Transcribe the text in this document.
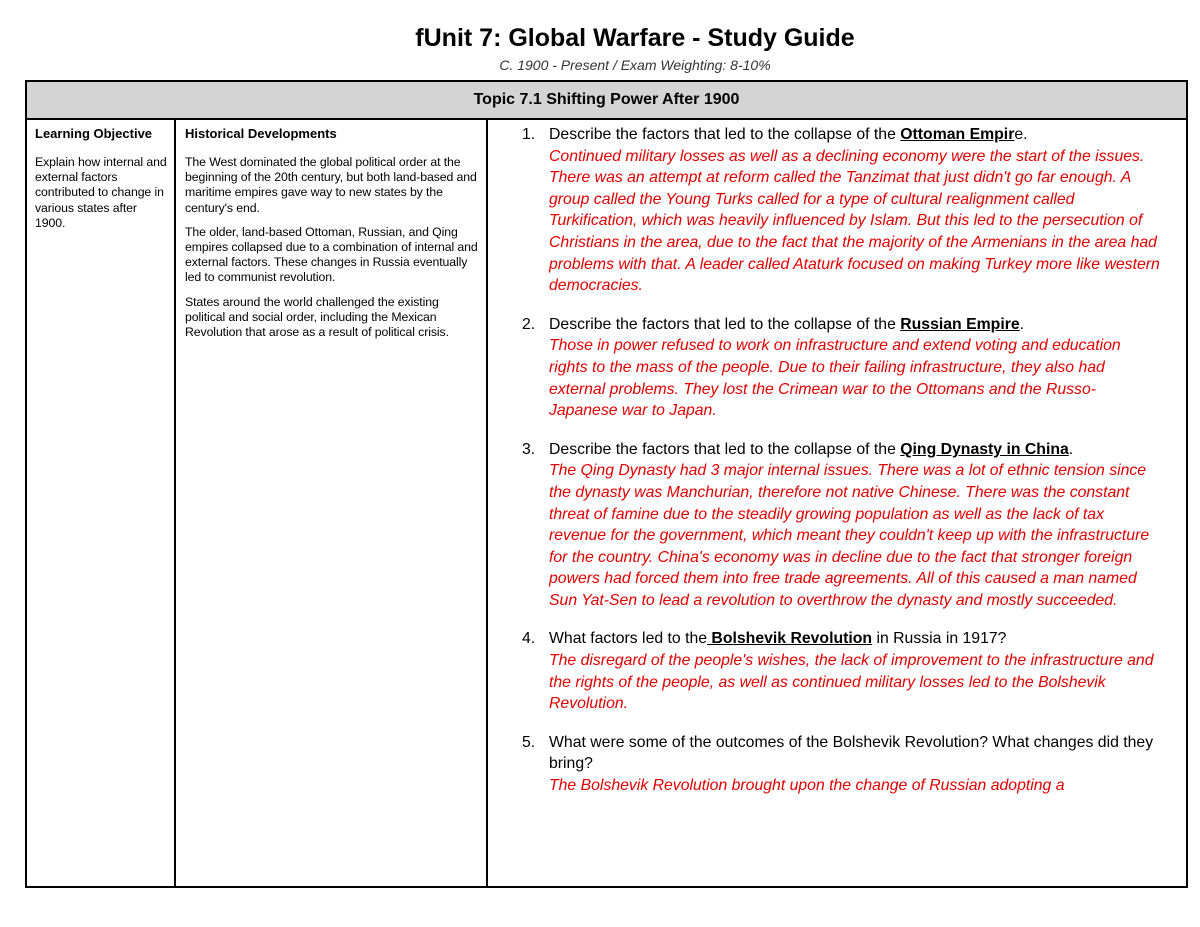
fUnit 7: Global Warfare - Study Guide
C. 1900 - Present / Exam Weighting: 8-10%
Topic 7.1 Shifting Power After 1900
Learning Objective
Explain how internal and external factors contributed to change in various states after 1900.
Historical Developments

The West dominated the global political order at the beginning of the 20th century, but both land-based and maritime empires gave way to new states by the century's end.

The older, land-based Ottoman, Russian, and Qing empires collapsed due to a combination of internal and external factors. These changes in Russia eventually led to communist revolution.

States around the world challenged the existing political and social order, including the Mexican Revolution that arose as a result of political crisis.

1. Describe the factors that led to the collapse of the Ottoman Empire.
Continued military losses as well as a declining economy were the start of the issues. There was an attempt at reform called the Tanzimat that just didn't go far enough. A group called the Young Turks called for a type of cultural realignment called Turkification, which was heavily influenced by Islam. But this led to the persecution of Christians in the area, due to the fact that the majority of the Armenians in the area had problems with that. A leader called Ataturk focused on making Turkey more like western democracies.
2. Describe the factors that led to the collapse of the Russian Empire.
Those in power refused to work on infrastructure and extend voting and education rights to the mass of the people. Due to their failing infrastructure, they also had external problems. They lost the Crimean war to the Ottomans and the Russo-Japanese war to Japan.
3. Describe the factors that led to the collapse of the Qing Dynasty in China.
The Qing Dynasty had 3 major internal issues. There was a lot of ethnic tension since the dynasty was Manchurian, therefore not native Chinese. There was the constant threat of famine due to the steadily growing population as well as the lack of tax revenue for the government, which meant they couldn't keep up with the infrastructure for the country. China's economy was in decline due to the fact that stronger foreign powers had forced them into free trade agreements. All of this caused a man named Sun Yat-Sen to lead a revolution to overthrow the dynasty and mostly succeeded.
4. What factors led to the Bolshevik Revolution in Russia in 1917?
The disregard of the people's wishes, the lack of improvement to the infrastructure and the rights of the people, as well as continued military losses led to the Bolshevik Revolution.
5. What were some of the outcomes of the Bolshevik Revolution? What changes did they bring?
The Bolshevik Revolution brought upon the change of Russian adopting a
